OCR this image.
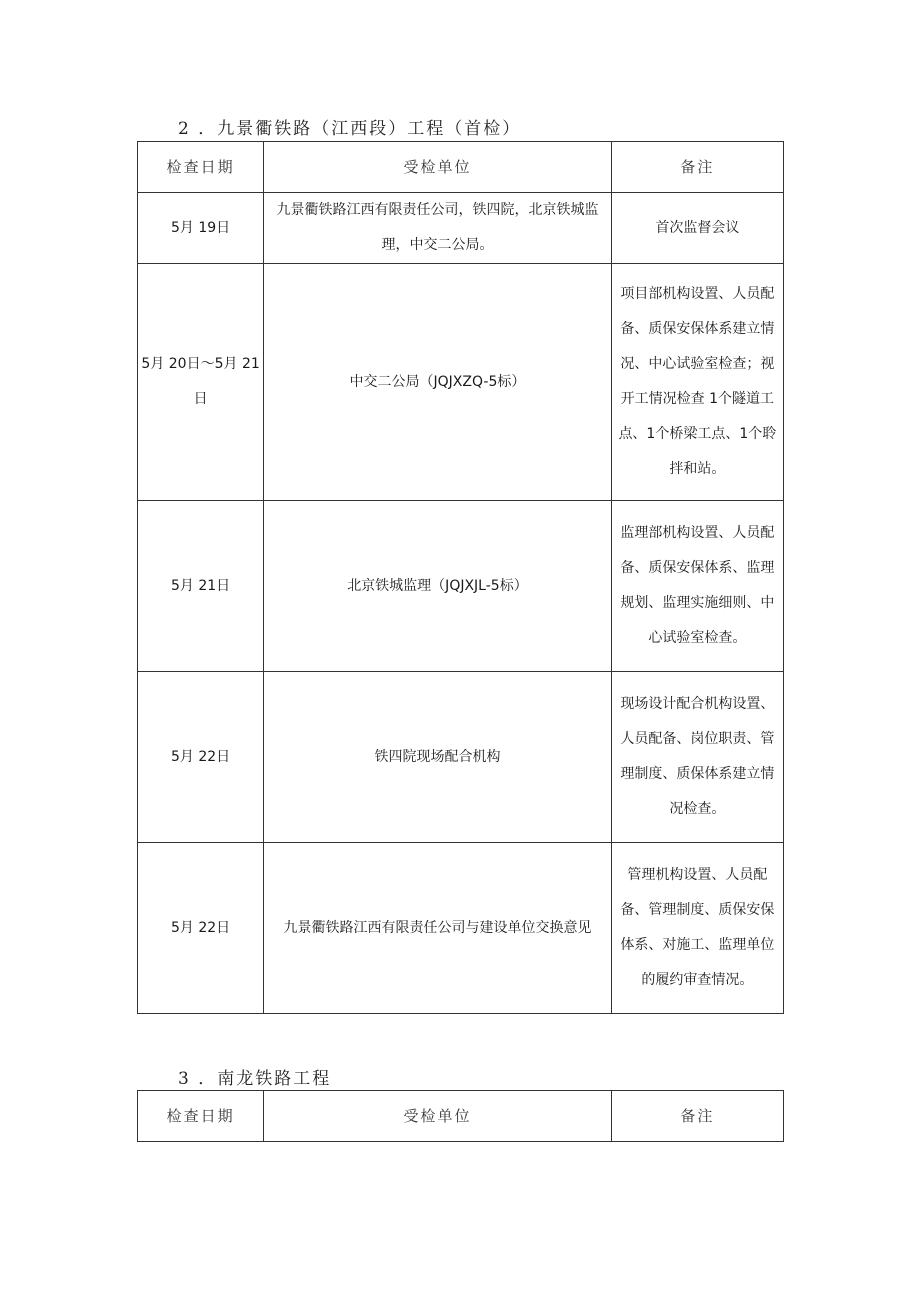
2 ．九景衢铁路（江西段）工程（首检）
检查日期	受检单位	备注
5月 19日	九景衢铁路江西有限责任公司，铁四院，北京铁城监理，中交二公局。	首次监督会议

5月 20日〜5月 21日	中交二公局（JQJXZQ-5标）	项目部机构设置、人员配备、质保安保体系建立情况、中心试验室检查；视开工情况检查 1个隧道工点、1个桥梁工点、1个聆拌和站。

5月 21日	北京铁城监理（JQJXJL-5标）	监理部机构设置、人员配备、质保安保体系、监理规划、监理实施细则、中心试验室检查。

5月 22日	铁四院现场配合机构	现场设计配合机构设置、人员配备、岗位职责、管理制度、质保体系建立情况检查。

5月 22日	九景衢铁路江西有限责任公司与建设单位交换意见	管理机构设置、人员配备、管理制度、质保安保体系、对施工、监理单位的履约审查情况。
3 ．南龙铁路工程
检查日期	受检单位	备注
